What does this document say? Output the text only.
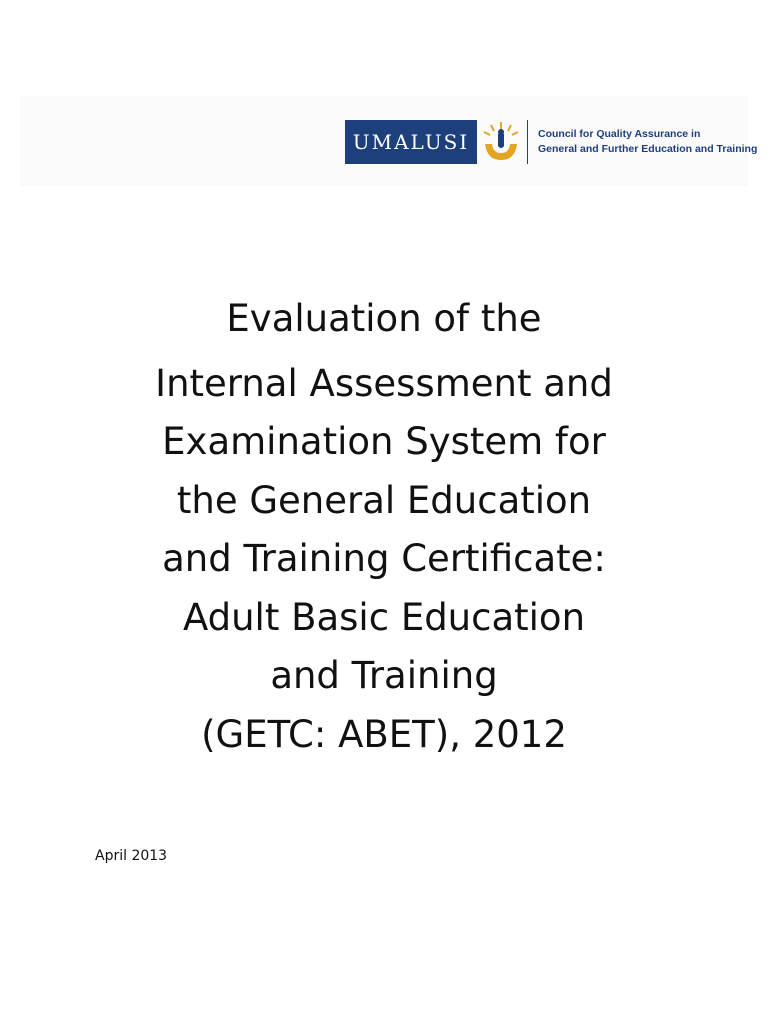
UMALUSI	Council for Quality Assurance in
General and Further Education and Training
Evaluation of the
Internal Assessment and
Examination System for
the General Education
and Training Certificate:
Adult Basic Education
and Training
(GETC: ABET), 2012
April 2013
